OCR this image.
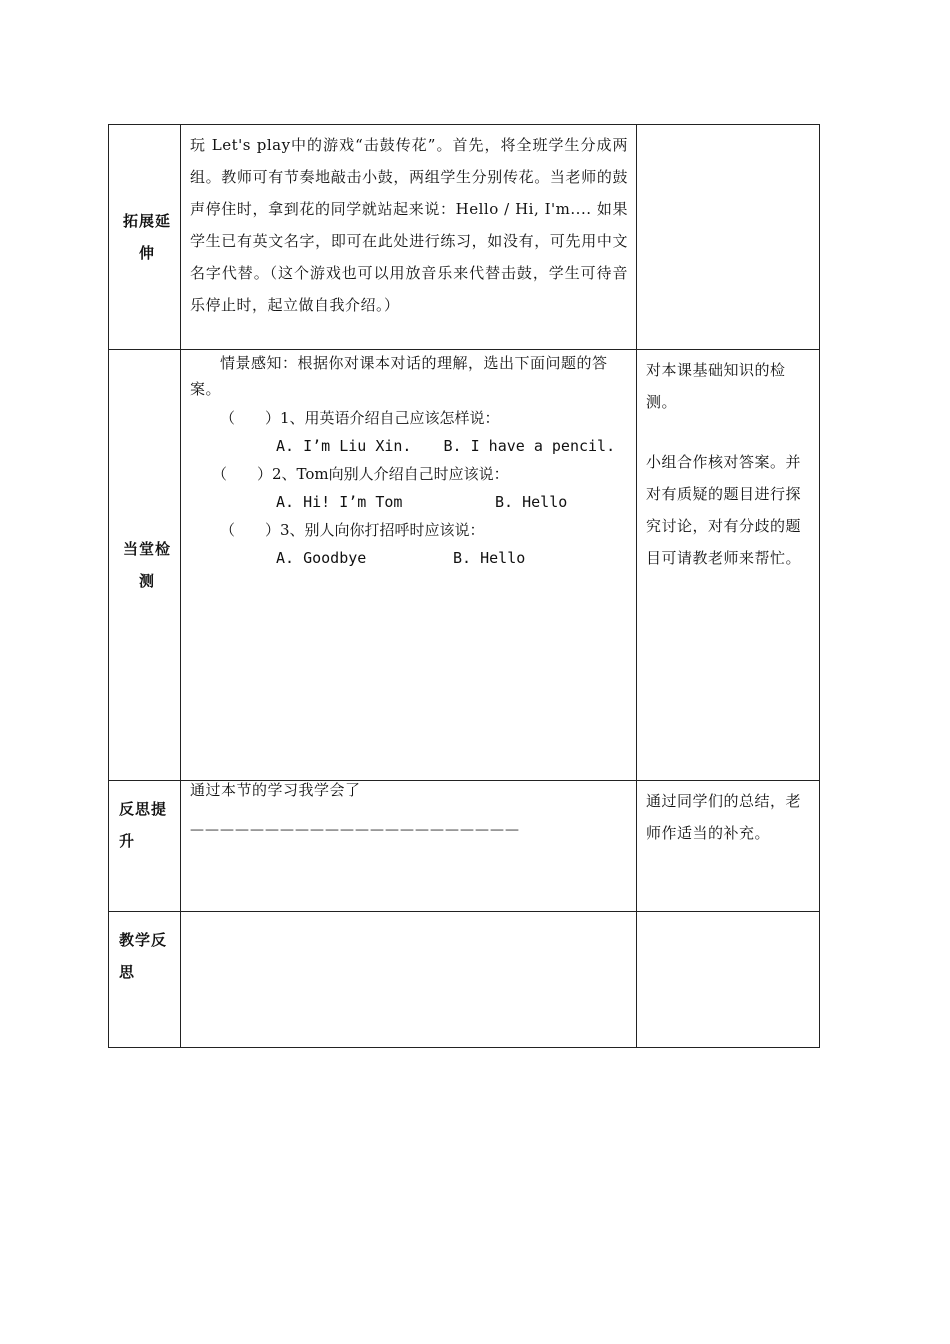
拓展延伸
玩 Let's play中的游戏“击鼓传花”。首先，将全班学生分成两组。教师可有节奏地敲击小鼓，两组学生分别传花。当老师的鼓声停住时，拿到花的同学就站起来说：Hello / Hi, I'm.... 如果学生已有英文名字，即可在此处进行练习，如没有，可先用中文名字代替。（这个游戏也可以用放音乐来代替击鼓，学生可待音乐停止时，起立做自我介绍。）
当堂检测
情景感知：根据你对课本对话的理解，选出下面问题的答案。
（　　）1、用英语介绍自己应该怎样说：
A. I’m Liu Xin. B. I have a pencil.
（　　）2、Tom向别人介绍自己时应该说：
A. Hi! I’m Tom	B. Hello
（　　）3、别人向你打招呼时应该说：
A. Goodbye	B. Hello
对本课基础知识的检测。
小组合作核对答案。并对有质疑的题目进行探究讨论，对有分歧的题目可请教老师来帮忙。
反思提升
通过本节的学习我学会了
——————————————————————
通过同学们的总结，老师作适当的补充。
教学反思
